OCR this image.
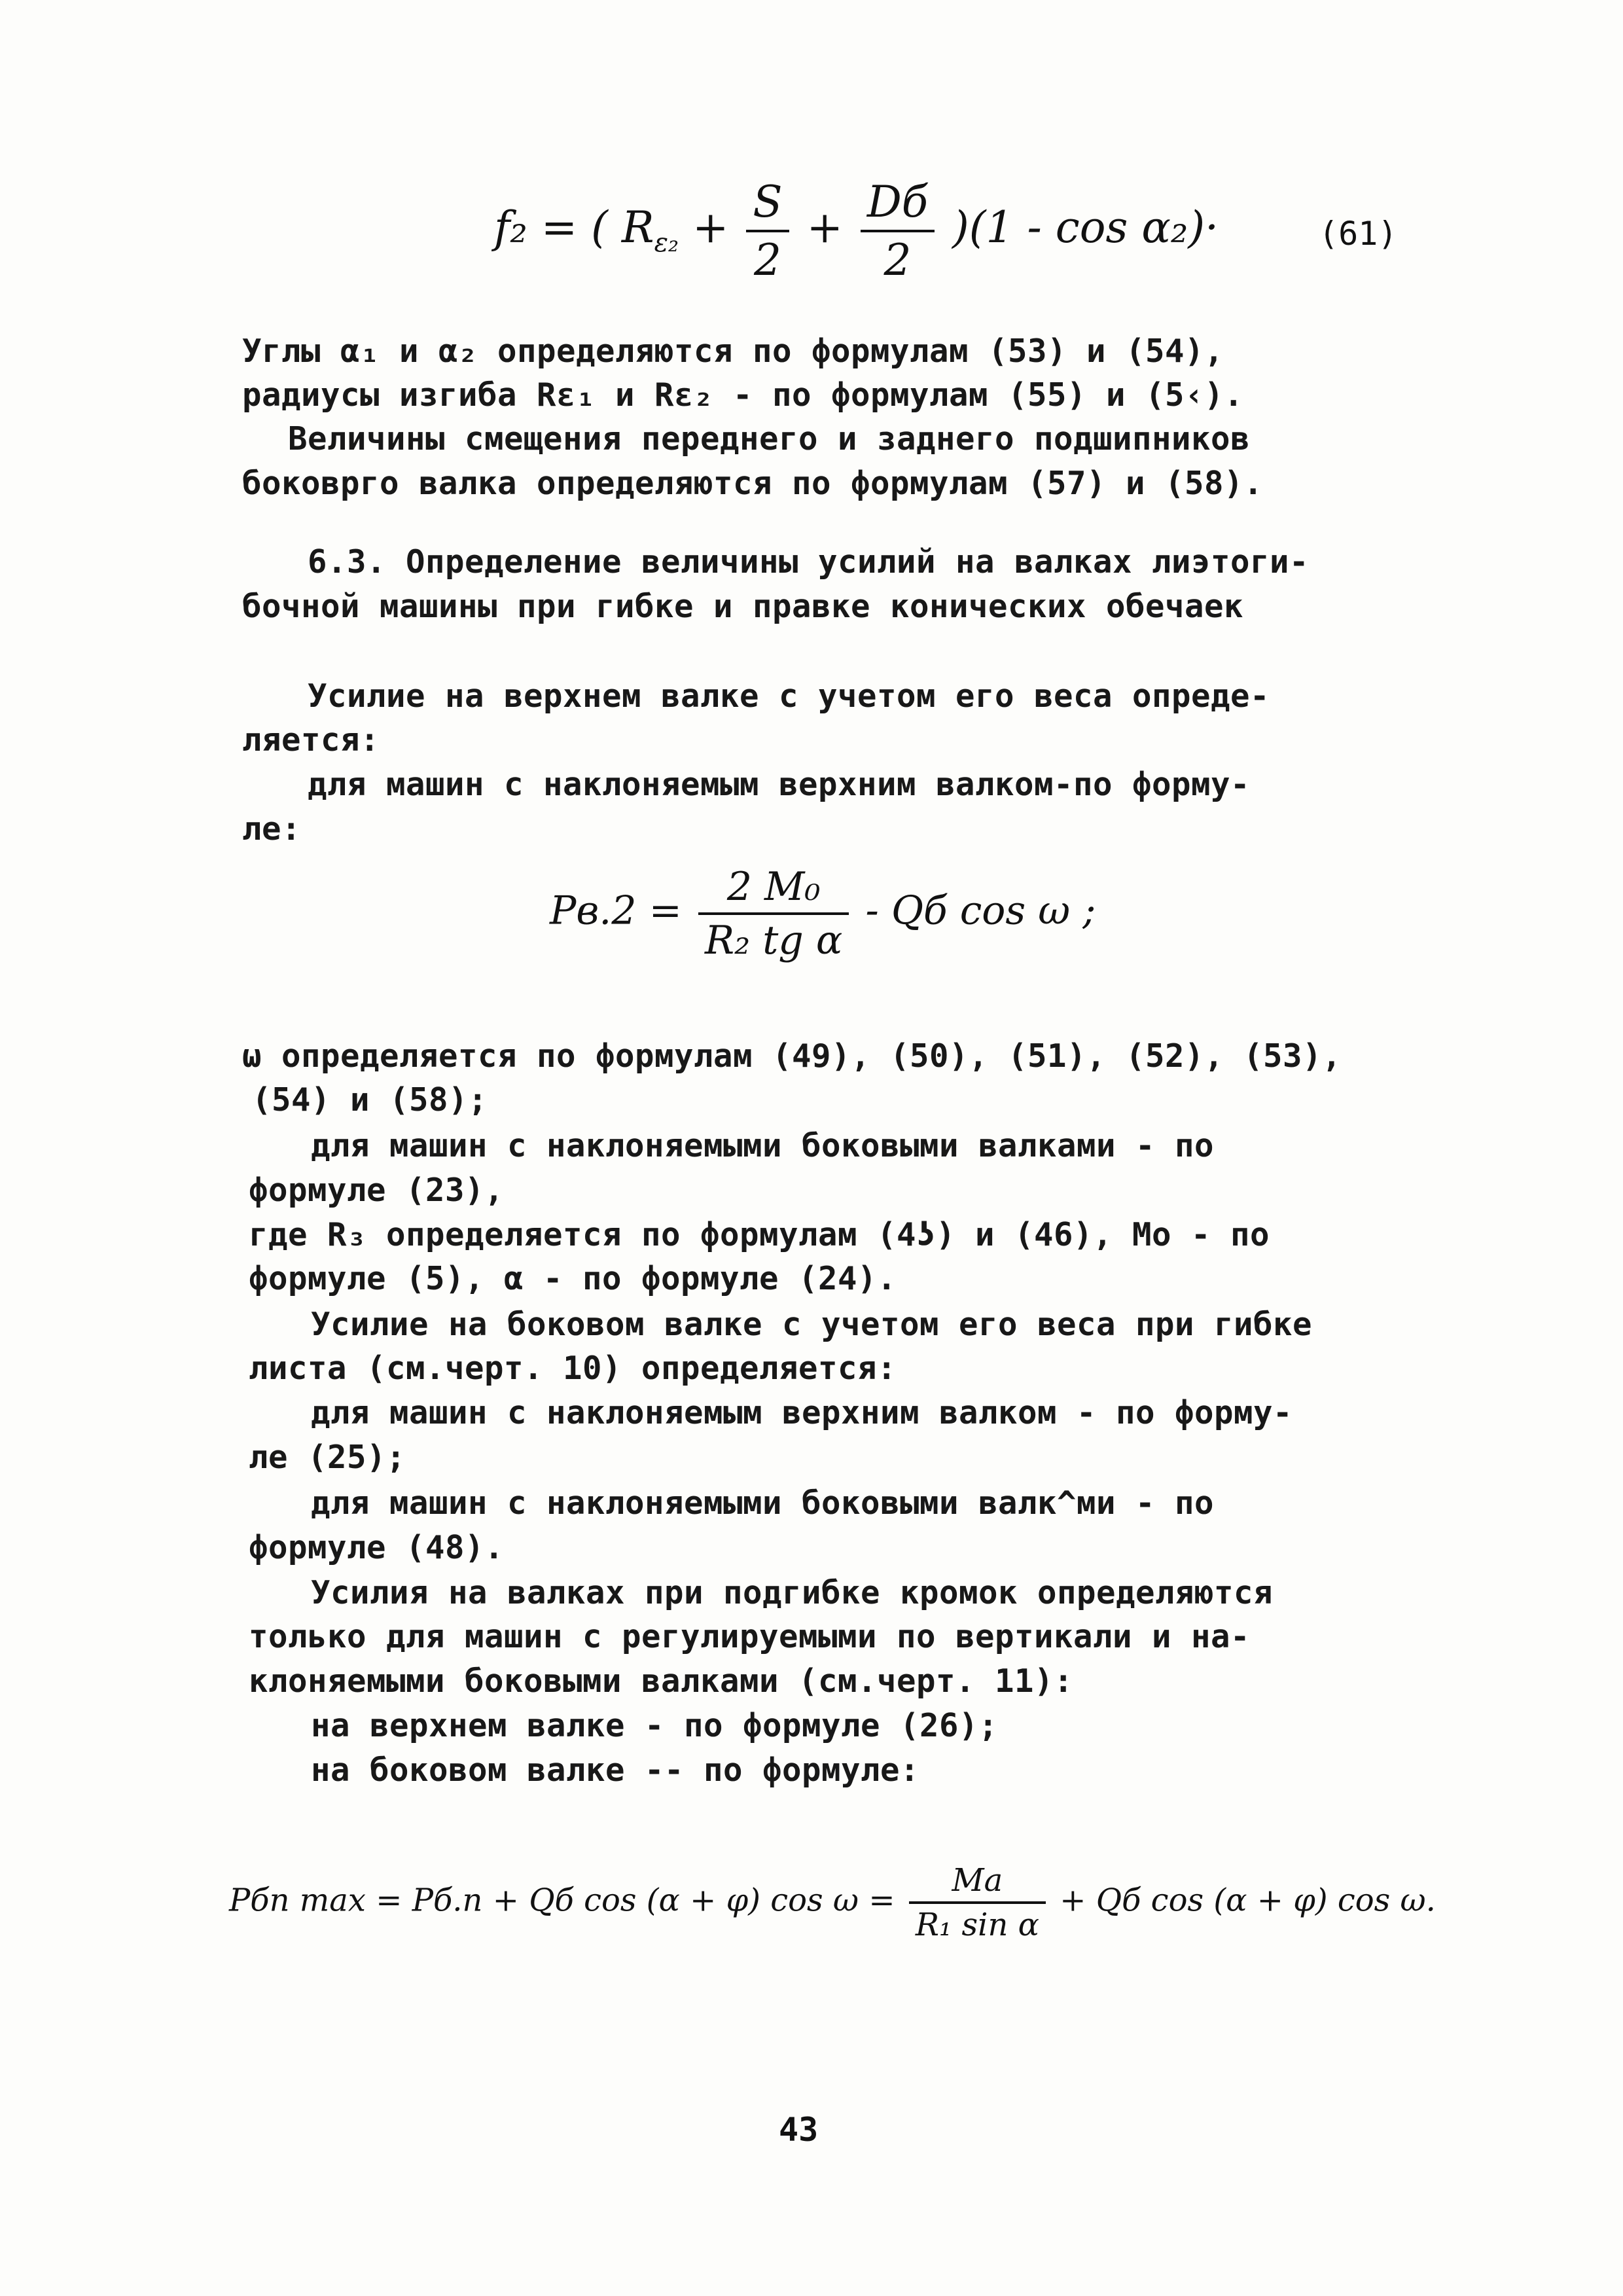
f₂ = ( $R_{\varepsilon_2} + \frac{S}{2} + \frac{Dб}{2} )(1 - \cos \alpha_2)\cdot$	(61)
Углы α₁ и α₂ определяются по формулам (53) и (54),
радиусы изгиба Rε₁ и Rε₂ - по формулам (55) и (5‹).
Величины смещения переднего и заднего подшипников
боковрго валка определяются по формулам (57) и (58).
6.3. Определение величины усилий на валках лиэтоги-
бочной машины при гибке и правке конических обечаек
Усилие на верхнем валке с учетом его веса опреде-
ляется:
для машин с наклоняемым верхним валком-по форму-
ле:
$Pв.2 = \frac{\text{2 M₀}}{\text{R₂ tg α}}$ - Qб cos ω ;
ω определяется по формулам (49), (50), (51), (52), (53),
(54) и (58);
для машин с наклоняемыми боковыми валками - по
формуле (23),
где R₃ определяется по формулам (4ʖ) и (46), Мо - по
формуле (5), α - по формуле (24).
Усилие на боковом валке с учетом его веса при гибке
листа (см.черт. 10) определяется:
для машин с наклоняемым верхним валком - по форму-
ле (25);
для машин с наклоняемыми боковыми валк^ми - по
формуле (48).
Усилия на валках при подгибке кромок определяются
только для машин с регулируемыми по вертикали и на-
клоняемыми боковыми валками (см.черт. 11):
на верхнем валке - по формуле (26);
на боковом валке -- по формуле:
Pбn max = Pб.n + Qб cos (α + φ) $\cos \omega = \frac{Mа}{\text{R₁ sin α}}$ + Qб cos (α + φ) cos ω.
43
